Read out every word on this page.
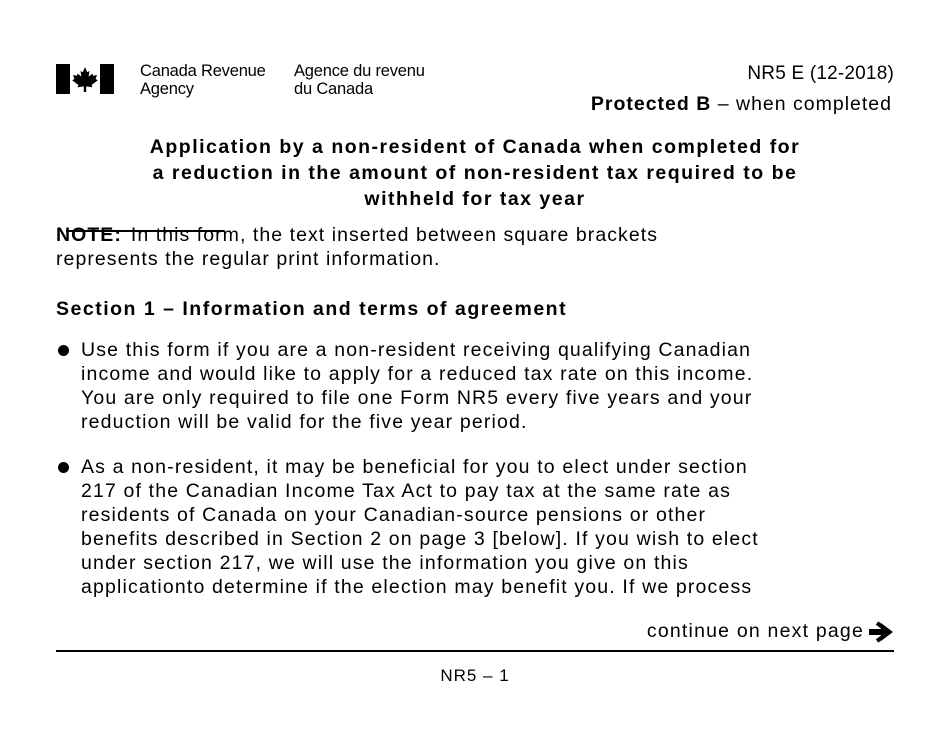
Canada Revenue
Agency
Agence du revenu
du Canada
NR5 E (12-2018)
Protected B – when completed
Application by a non-resident of Canada when completed for
a reduction in the amount of non-resident tax required to be
withheld for tax year

NOTE: In this form, the text inserted between square brackets
represents the regular print information.

Section 1 – Information and terms of agreement
Use this form if you are a non-resident receiving qualifying Canadian
income and would like to apply for a reduced tax rate on this income.
You are only required to file one Form NR5 every five years and your
reduction will be valid for the five year period.
As a non-resident, it may be beneficial for you to elect under section
217 of the Canadian Income Tax Act to pay tax at the same rate as
residents of Canada on your Canadian-source pensions or other
benefits described in Section 2 on page 3 [below]. If you wish to elect
under section 217, we will use the information you give on this
applicationto determine if the election may benefit you. If we process
continue on next page
NR5 – 1
